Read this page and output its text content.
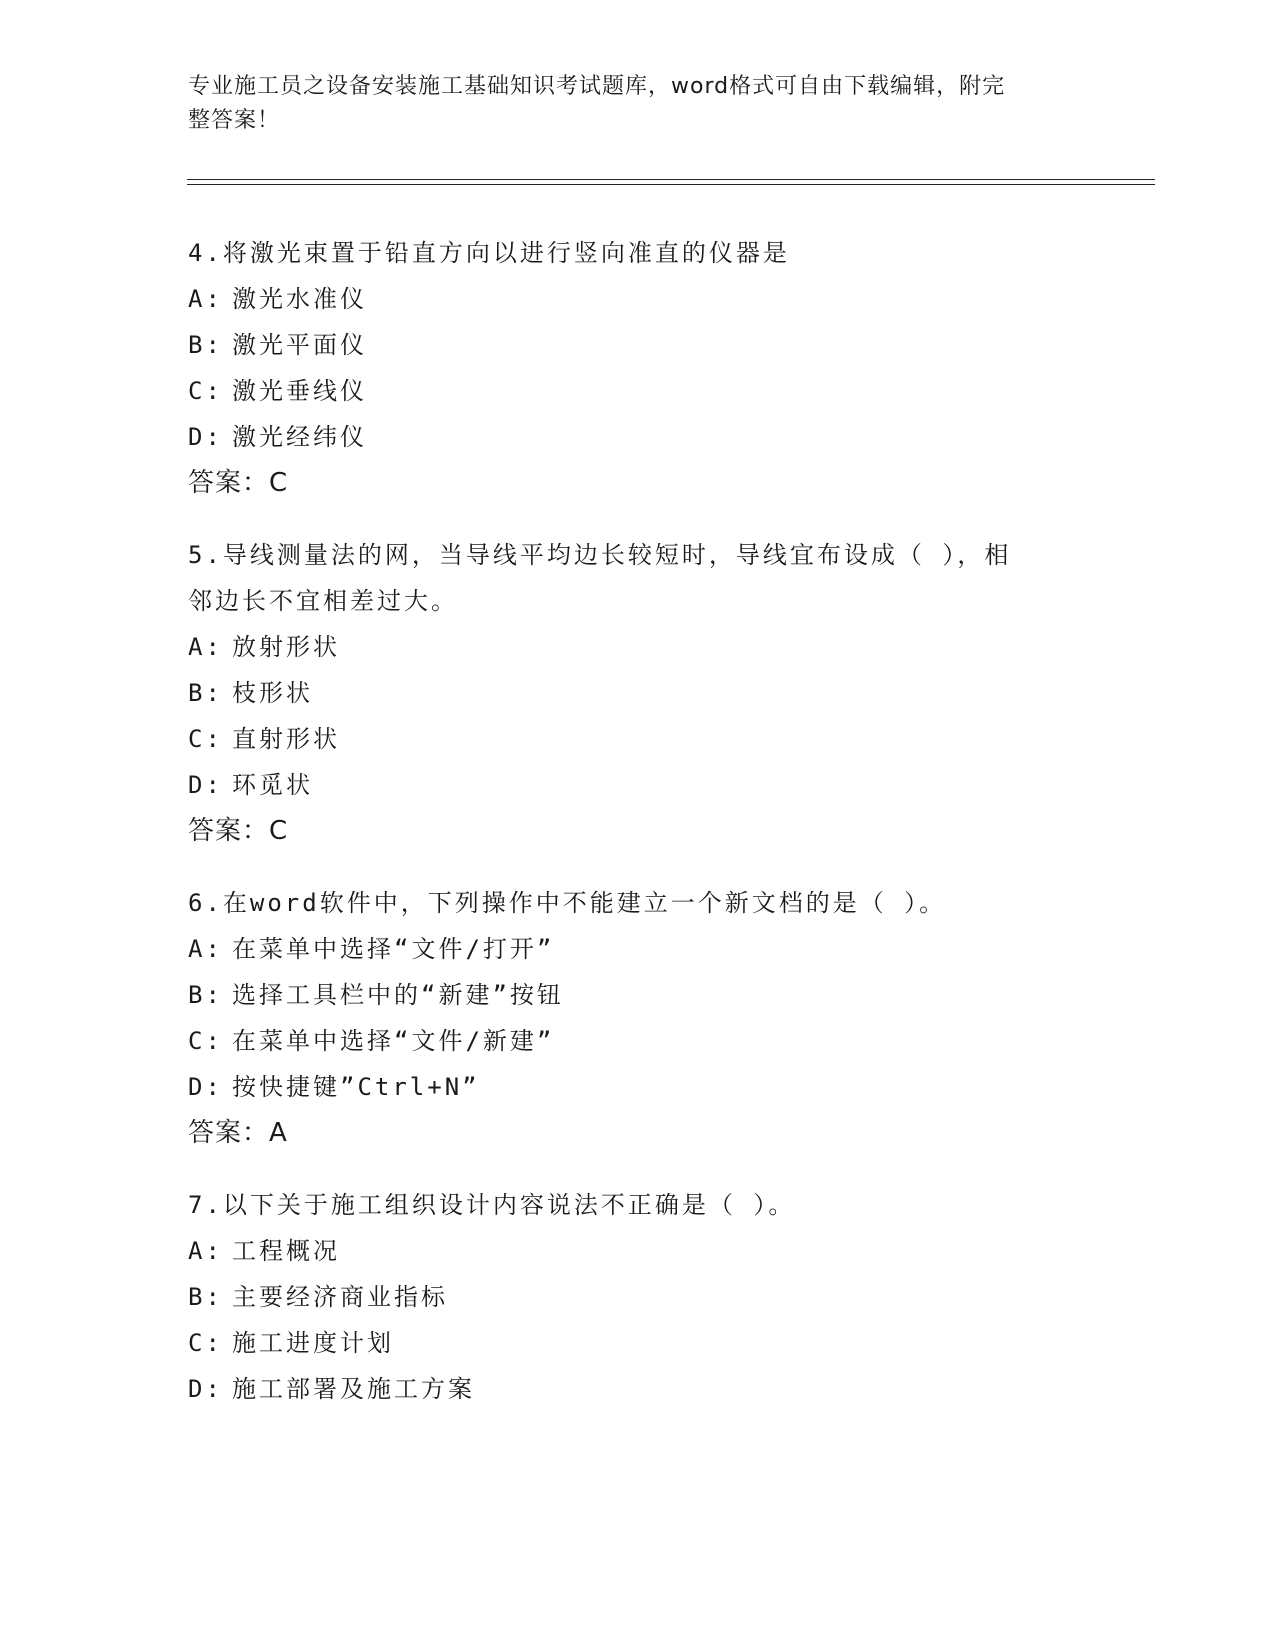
专业施工员之设备安装施工基础知识考试题库，word格式可自由下载编辑，附完
整答案！
4.将激光束置于铅直方向以进行竖向准直的仪器是
A: 激光水准仪
B: 激光平面仪
C: 激光垂线仪
D: 激光经纬仪
答案：C
5.导线测量法的网，当导线平均边长较短时，导线宜布设成（ ），相
邻边长不宜相差过大。
A: 放射形状
B: 枝形状
C: 直射形状
D: 环觅状
答案：C
6.在word软件中，下列操作中不能建立一个新文档的是（ ）。
A: 在菜单中选择“文件/打开”
B: 选择工具栏中的“新建”按钮
C: 在菜单中选择“文件/新建”
D: 按快捷键”Ctrl+N”
答案：A
7.以下关于施工组织设计内容说法不正确是（ ）。
A: 工程概况
B: 主要经济商业指标
C: 施工进度计划
D: 施工部署及施工方案
